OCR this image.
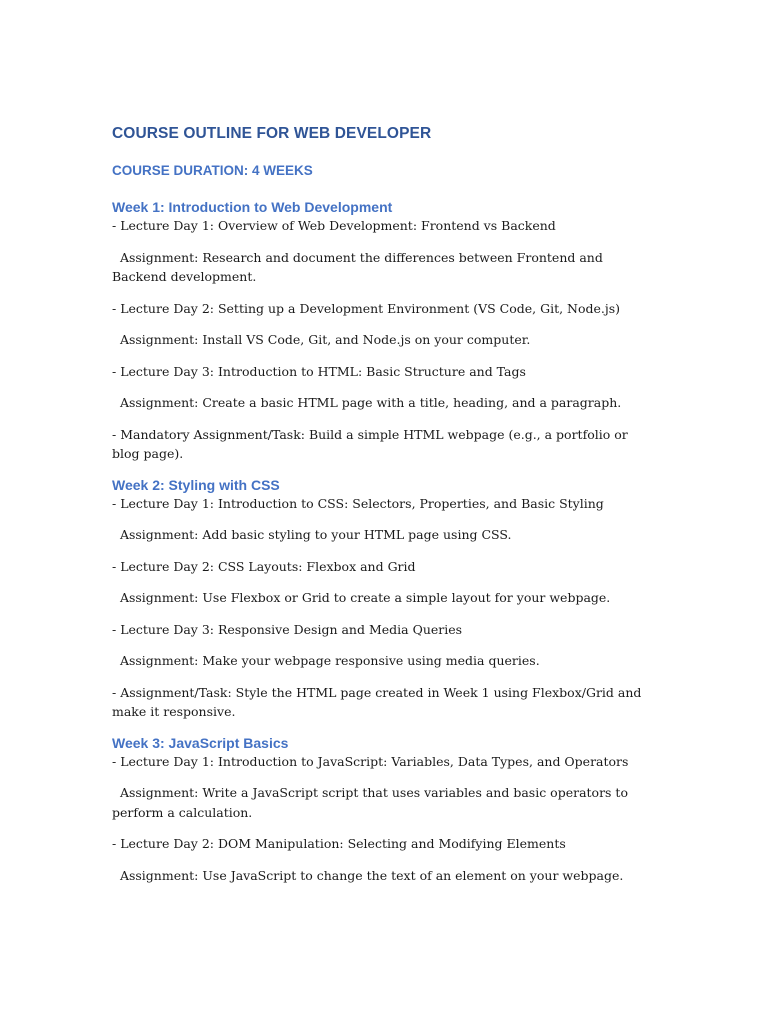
COURSE OUTLINE FOR WEB DEVELOPER
COURSE DURATION: 4 WEEKS
Week 1: Introduction to Web Development
- Lecture Day 1: Overview of Web Development: Frontend vs Backend
Assignment: Research and document the differences between Frontend and Backend development.
- Lecture Day 2: Setting up a Development Environment (VS Code, Git, Node.js)
Assignment: Install VS Code, Git, and Node.js on your computer.
- Lecture Day 3: Introduction to HTML: Basic Structure and Tags
Assignment: Create a basic HTML page with a title, heading, and a paragraph.
- Mandatory Assignment/Task: Build a simple HTML webpage (e.g., a portfolio or blog page).
Week 2: Styling with CSS
- Lecture Day 1: Introduction to CSS: Selectors, Properties, and Basic Styling
Assignment: Add basic styling to your HTML page using CSS.
- Lecture Day 2: CSS Layouts: Flexbox and Grid
Assignment: Use Flexbox or Grid to create a simple layout for your webpage.
- Lecture Day 3: Responsive Design and Media Queries
Assignment: Make your webpage responsive using media queries.
- Assignment/Task: Style the HTML page created in Week 1 using Flexbox/Grid and make it responsive.
Week 3: JavaScript Basics
- Lecture Day 1: Introduction to JavaScript: Variables, Data Types, and Operators
Assignment: Write a JavaScript script that uses variables and basic operators to perform a calculation.
- Lecture Day 2: DOM Manipulation: Selecting and Modifying Elements
Assignment: Use JavaScript to change the text of an element on your webpage.
